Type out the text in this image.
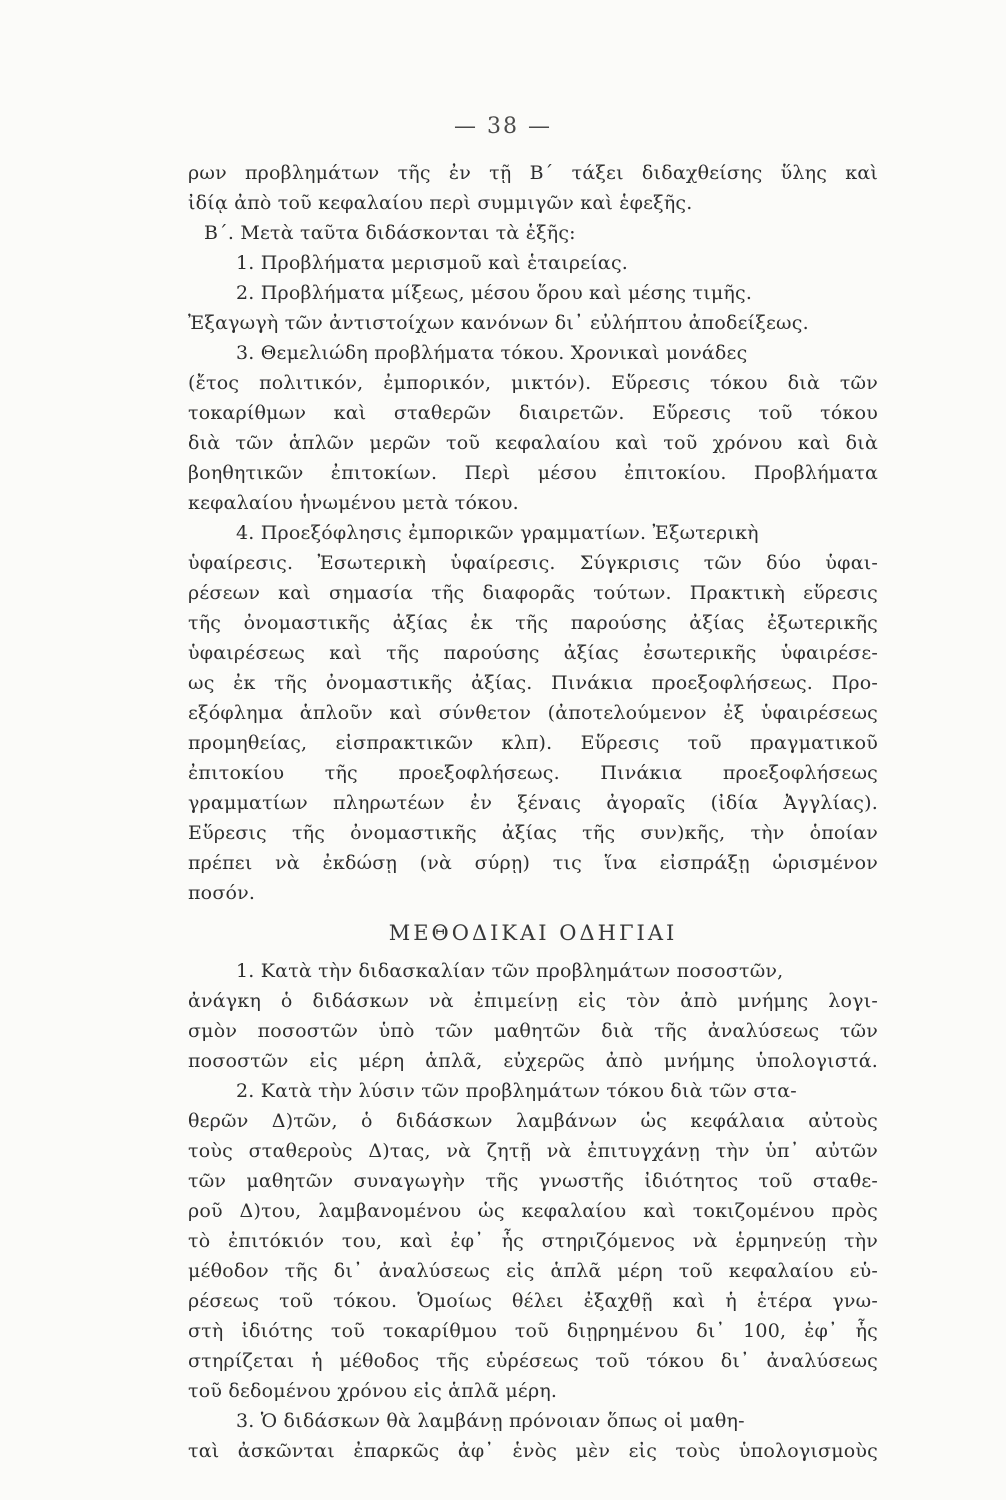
— 38 —
ρων προβλημάτων τῆς ἐν τῇ Β΄ τάξει διδαχθείσης ὕλης καὶ
ἰδίᾳ ἀπὸ τοῦ κεφαλαίου περὶ συμμιγῶν καὶ ἑφεξῆς.
Β΄. Μετὰ ταῦτα διδάσκονται τὰ ἑξῆς:
1. Προβλήματα μερισμοῦ καὶ ἑταιρείας.
2. Προβλήματα μίξεως, μέσου ὅρου καὶ μέσης τιμῆς.
Ἐξαγωγὴ τῶν ἀντιστοίχων κανόνων δι᾽ εὐλήπτου ἀποδείξεως.
3. Θεμελιώδη προβλήματα τόκου. Χρονικαὶ μονάδες
(ἔτος πολιτικόν, ἐμπορικόν, μικτόν). Εὕρεσις τόκου διὰ τῶν
τοκαρίθμων καὶ σταθερῶν διαιρετῶν. Εὕρεσις τοῦ τόκου
διὰ τῶν ἁπλῶν μερῶν τοῦ κεφαλαίου καὶ τοῦ χρόνου καὶ διὰ
βοηθητικῶν ἐπιτοκίων. Περὶ μέσου ἐπιτοκίου. Προβλήματα
κεφαλαίου ἡνωμένου μετὰ τόκου.
4. Προεξόφλησις ἐμπορικῶν γραμματίων. Ἐξωτερικὴ
ὑφαίρεσις. Ἐσωτερικὴ ὑφαίρεσις. Σύγκρισις τῶν δύο ὑφαι-
ρέσεων καὶ σημασία τῆς διαφορᾶς τούτων. Πρακτικὴ εὕρεσις
τῆς ὀνομαστικῆς ἀξίας ἐκ τῆς παρούσης ἀξίας ἐξωτερικῆς
ὑφαιρέσεως καὶ τῆς παρούσης ἀξίας ἐσωτερικῆς ὑφαιρέσε-
ως ἐκ τῆς ὀνομαστικῆς ἀξίας. Πινάκια προεξοφλήσεως. Προ-
εξόφλημα ἁπλοῦν καὶ σύνθετον (ἀποτελούμενον ἐξ ὑφαιρέσεως
προμηθείας, εἰσπρακτικῶν κλπ). Εὕρεσις τοῦ πραγματικοῦ
ἐπιτοκίου τῆς προεξοφλήσεως. Πινάκια προεξοφλήσεως
γραμματίων πληρωτέων ἐν ξέναις ἀγοραῖς (ἰδία Ἀγγλίας).
Εὕρεσις τῆς ὀνομαστικῆς ἀξίας τῆς συν)κῆς, τὴν ὁποίαν
πρέπει νὰ ἐκδώσῃ (νὰ σύρῃ) τις ἵνα εἰσπράξῃ ὡρισμένον
ποσόν.
ΜΕΘΟΔΙΚΑΙ ΟΔΗΓΙΑΙ
1. Κατὰ τὴν διδασκαλίαν τῶν προβλημάτων ποσοστῶν,
ἀνάγκη ὁ διδάσκων νὰ ἐπιμείνῃ εἰς τὸν ἀπὸ μνήμης λογι-
σμὸν ποσοστῶν ὑπὸ τῶν μαθητῶν διὰ τῆς ἀναλύσεως τῶν
ποσοστῶν εἰς μέρη ἁπλᾶ, εὐχερῶς ἀπὸ μνήμης ὑπολογιστά.
2. Κατὰ τὴν λύσιν τῶν προβλημάτων τόκου διὰ τῶν στα-
θερῶν Δ)τῶν, ὁ διδάσκων λαμβάνων ὡς κεφάλαια αὐτοὺς
τοὺς σταθεροὺς Δ)τας, νὰ ζητῇ νὰ ἐπιτυγχάνῃ τὴν ὑπ᾽ αὐτῶν
τῶν μαθητῶν συναγωγὴν τῆς γνωστῆς ἰδιότητος τοῦ σταθε-
ροῦ Δ)του, λαμβανομένου ὡς κεφαλαίου καὶ τοκιζομένου πρὸς
τὸ ἐπιτόκιόν του, καὶ ἐφ᾽ ἧς στηριζόμενος νὰ ἑρμηνεύῃ τὴν
μέθοδον τῆς δι᾽ ἀναλύσεως εἰς ἁπλᾶ μέρη τοῦ κεφαλαίου εὑ-
ρέσεως τοῦ τόκου. Ὁμοίως θέλει ἐξαχθῇ καὶ ἡ ἑτέρα γνω-
στὴ ἰδιότης τοῦ τοκαρίθμου τοῦ διῃρημένου δι᾽ 100, ἐφ᾽ ἧς
στηρίζεται ἡ μέθοδος τῆς εὑρέσεως τοῦ τόκου δι᾽ ἀναλύσεως
τοῦ δεδομένου χρόνου εἰς ἁπλᾶ μέρη.
3. Ὁ διδάσκων θὰ λαμβάνῃ πρόνοιαν ὅπως οἱ μαθη-
ταὶ ἀσκῶνται ἐπαρκῶς ἀφ᾽ ἑνὸς μὲν εἰς τοὺς ὑπολογισμοὺς
